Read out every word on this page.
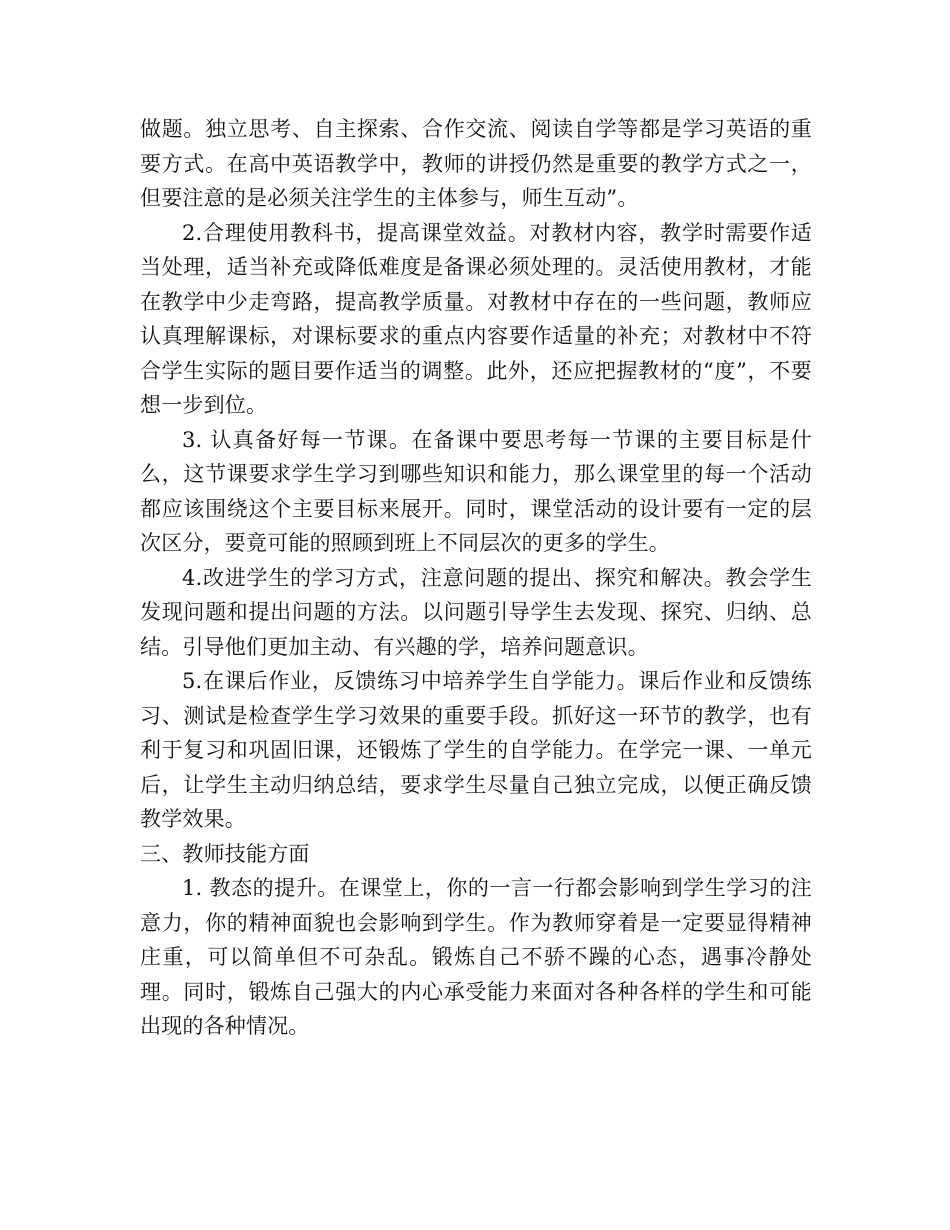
做题。独立思考、自主探索、合作交流、阅读自学等都是学习英语的重要方式。在高中英语教学中，教师的讲授仍然是重要的教学方式之一，但要注意的是必须关注学生的主体参与，师生互动”。

2.合理使用教科书，提高课堂效益。对教材内容，教学时需要作适当处理，适当补充或降低难度是备课必须处理的。灵活使用教材，才能在教学中少走弯路，提高教学质量。对教材中存在的一些问题，教师应认真理解课标，对课标要求的重点内容要作适量的补充；对教材中不符合学生实际的题目要作适当的调整。此外，还应把握教材的“度”，不要想一步到位。

3. 认真备好每一节课。在备课中要思考每一节课的主要目标是什么，这节课要求学生学习到哪些知识和能力，那么课堂里的每一个活动都应该围绕这个主要目标来展开。同时，课堂活动的设计要有一定的层次区分，要竟可能的照顾到班上不同层次的更多的学生。

4.改进学生的学习方式，注意问题的提出、探究和解决。教会学生发现问题和提出问题的方法。以问题引导学生去发现、探究、归纳、总结。引导他们更加主动、有兴趣的学，培养问题意识。

5.在课后作业，反馈练习中培养学生自学能力。课后作业和反馈练习、测试是检查学生学习效果的重要手段。抓好这一环节的教学，也有利于复习和巩固旧课，还锻炼了学生的自学能力。在学完一课、一单元后，让学生主动归纳总结，要求学生尽量自己独立完成，以便正确反馈教学效果。

三、教师技能方面

1. 教态的提升。在课堂上，你的一言一行都会影响到学生学习的注意力，你的精神面貌也会影响到学生。作为教师穿着是一定要显得精神庄重，可以简单但不可杂乱。锻炼自己不骄不躁的心态，遇事冷静处理。同时，锻炼自己强大的内心承受能力来面对各种各样的学生和可能出现的各种情况。
